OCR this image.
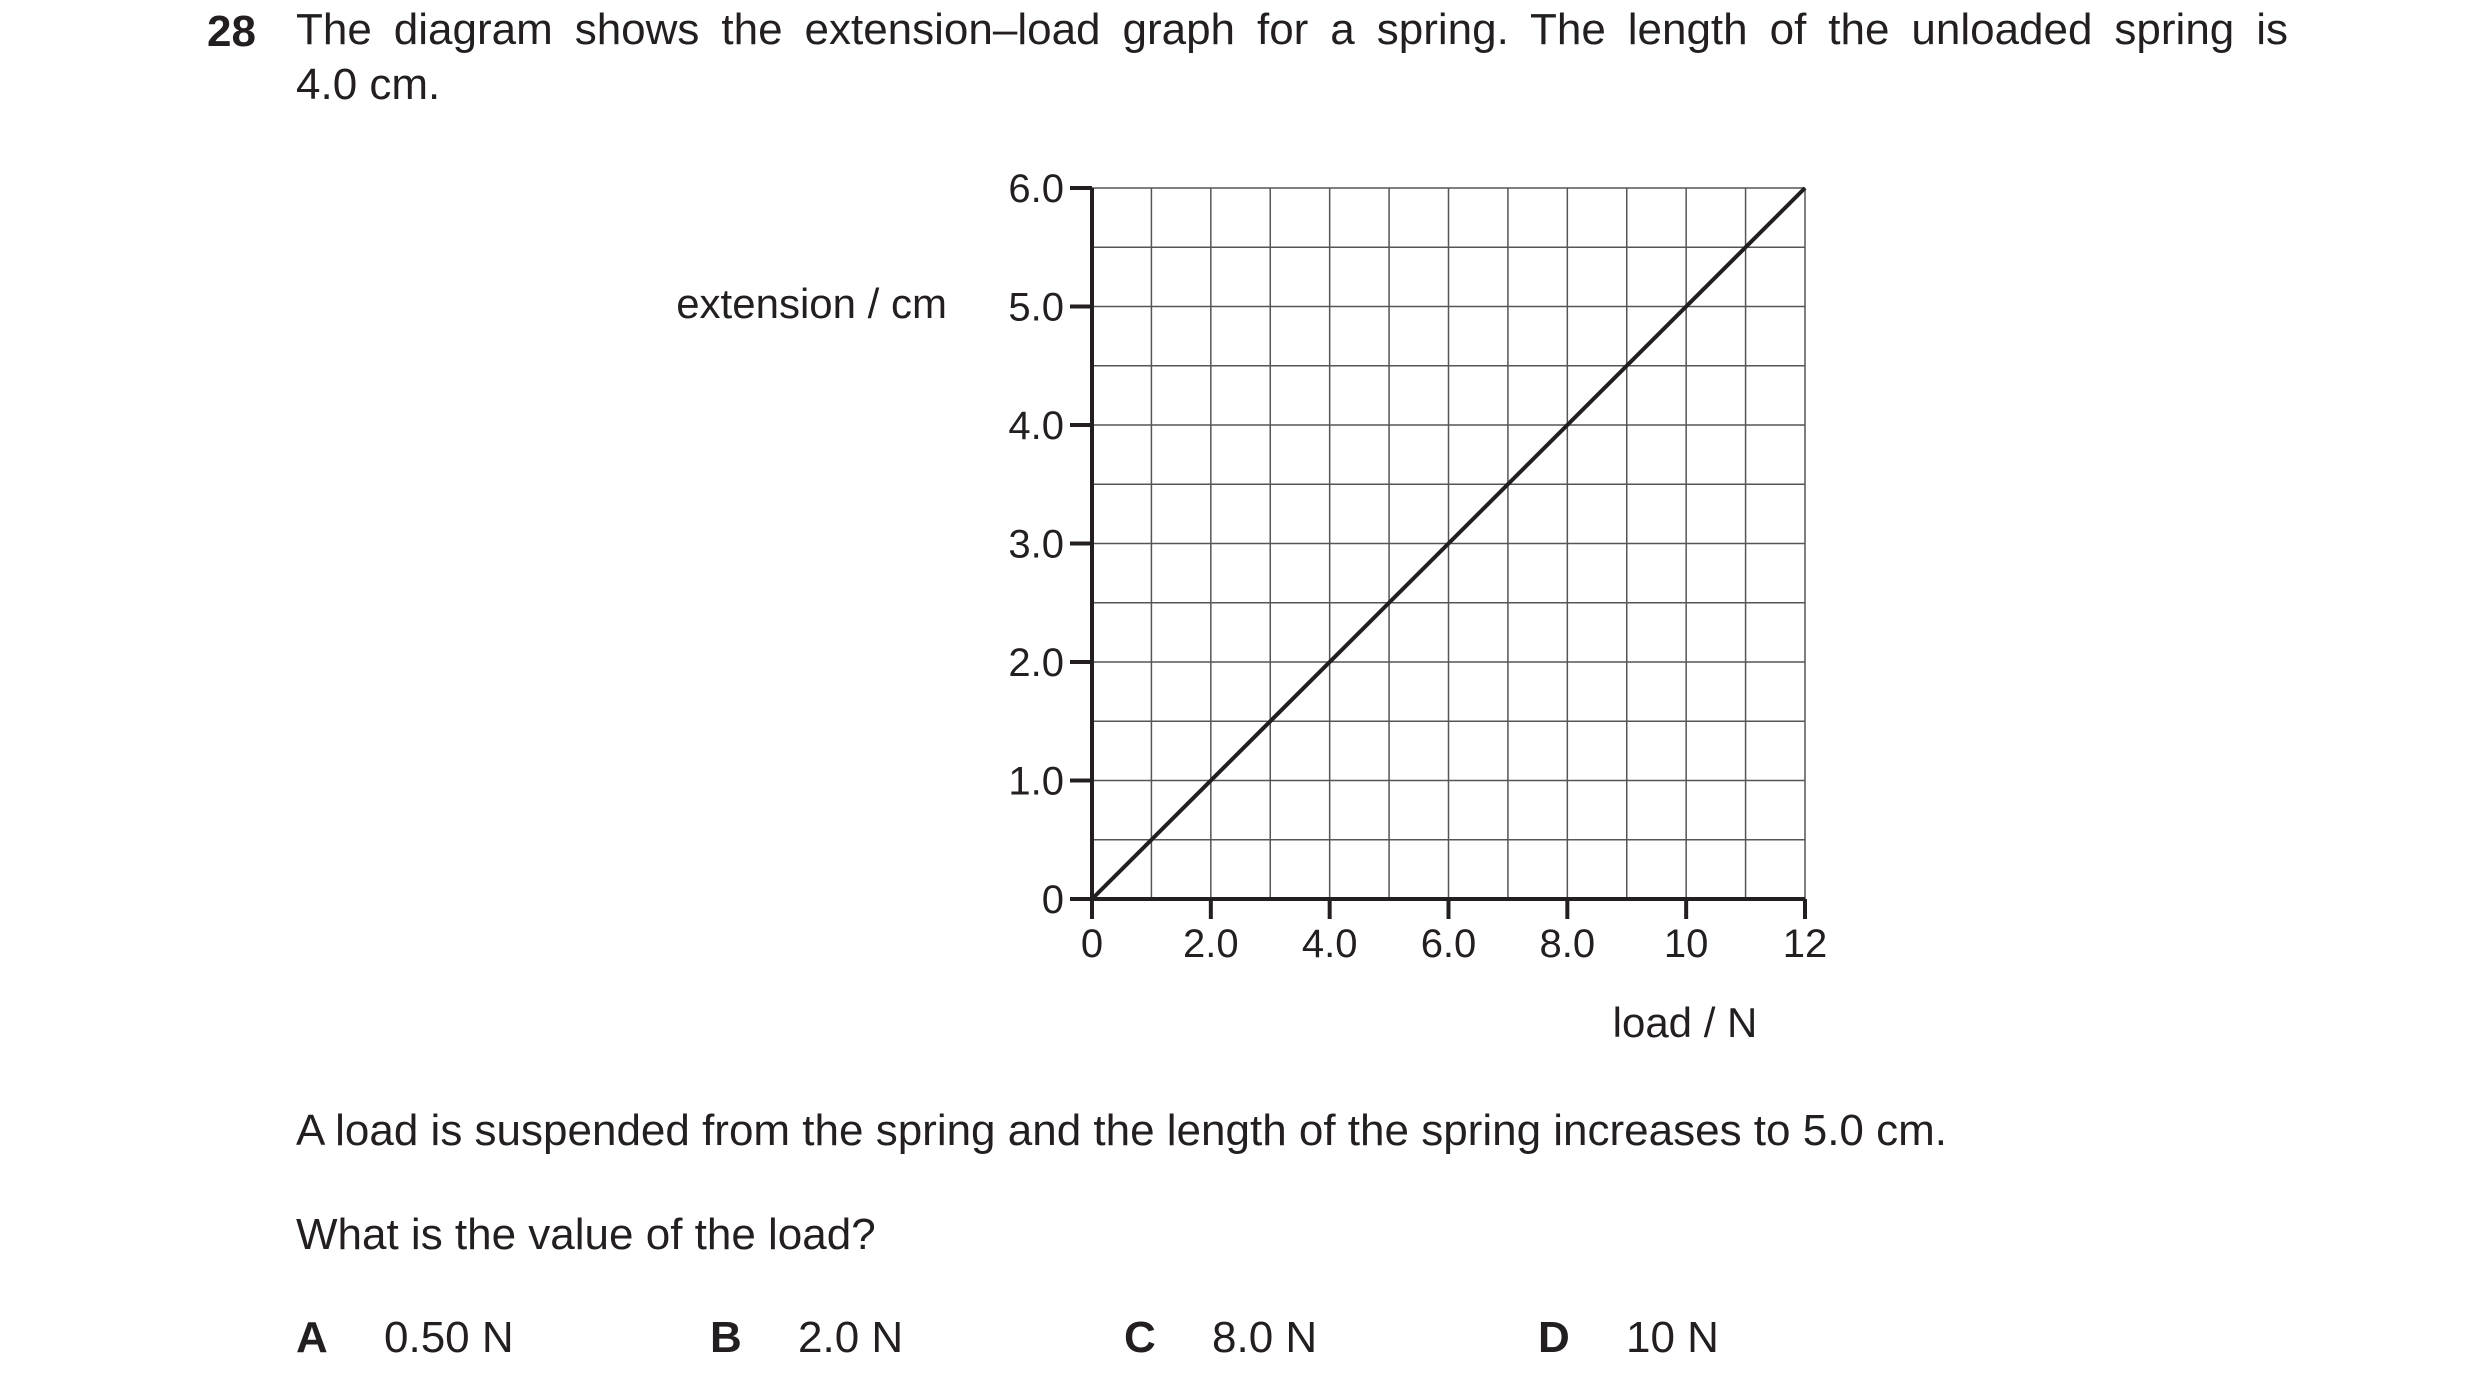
28 The diagram shows the extension–load graph for a spring. The length of the unloaded spring is
4.0 cm.
0
1.0
2.0
3.0
4.0
5.0
6.0
0 2.0 4.0 6.0 8.0 10 12
extension / cm
load / N
A load is suspended from the spring and the length of the spring increases to 5.0 cm.
What is the value of the load?
A 0.50 N	B 2.0 N	C 8.0 N	D 10 N
